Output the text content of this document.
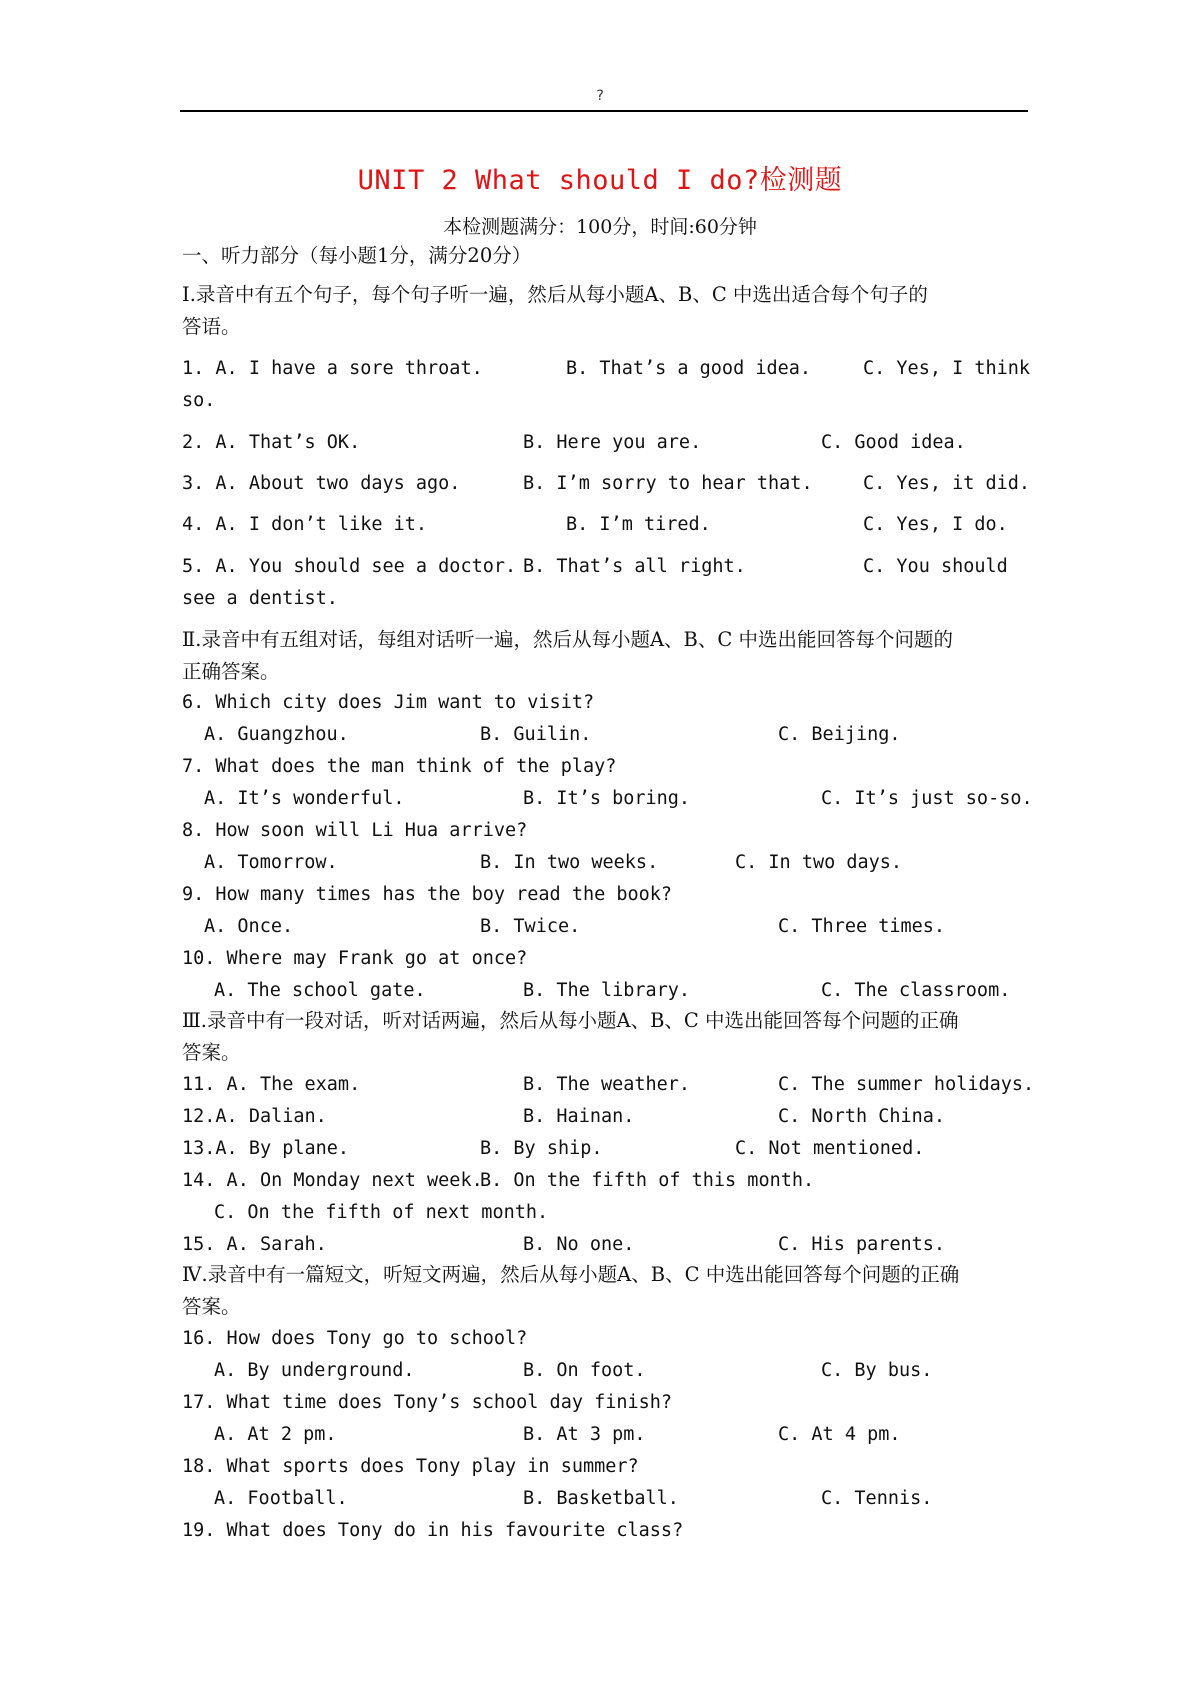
?
UNIT 2 What should I do?检测题
本检测题满分：100分，时间:60分钟
一、听力部分（每小题1分，满分20分）
Ⅰ.录音中有五个句子，每个句子听一遍，然后从每小题A、B、C 中选出适合每个句子的
答语。
1. A. I have a sore throat.	B. That’s a good idea.	C. Yes, I think
so.
2. A. That’s OK.	B. Here you are.	C. Good idea.
3. A. About two days ago.	B. I’m sorry to hear that.	C. Yes, it did.
4. A. I don’t like it.	B. I’m tired.	C. Yes, I do.
5. A. You should see a doctor. B. That’s all right.	C. You should
see a dentist.
Ⅱ.录音中有五组对话，每组对话听一遍，然后从每小题A、B、C 中选出能回答每个问题的
正确答案。
6. Which city does Jim want to visit?
A. Guangzhou.	B. Guilin.	C. Beijing.
7. What does the man think of the play?
A. It’s wonderful.	B. It’s boring.	C. It’s just so-so.
8. How soon will Li Hua arrive?
A. Tomorrow.	B. In two weeks.	C. In two days.
9. How many times has the boy read the book?
A. Once.	B. Twice.	C. Three times.
10. Where may Frank go at once?
A. The school gate.	B. The library.	C. The classroom.
Ⅲ.录音中有一段对话，听对话两遍，然后从每小题A、B、C 中选出能回答每个问题的正确
答案。
11. A. The exam.	B. The weather.	C. The summer holidays.
12.A. Dalian.	B. Hainan.	C. North China.
13.A. By plane.	B. By ship.	C. Not mentioned.
14. A. On Monday next week.
B. On the fifth of this month.
C. On the fifth of next month.
15. A. Sarah.	B. No one.	C. His parents.
Ⅳ.录音中有一篇短文，听短文两遍，然后从每小题A、B、C 中选出能回答每个问题的正确
答案。
16. How does Tony go to school?
A. By underground.	B. On foot.	C. By bus.
17. What time does Tony’s school day finish?
A. At 2 pm.	B. At 3 pm.	C. At 4 pm.
18. What sports does Tony play in summer?
A. Football.	B. Basketball.	C. Tennis.
19. What does Tony do in his favourite class?
